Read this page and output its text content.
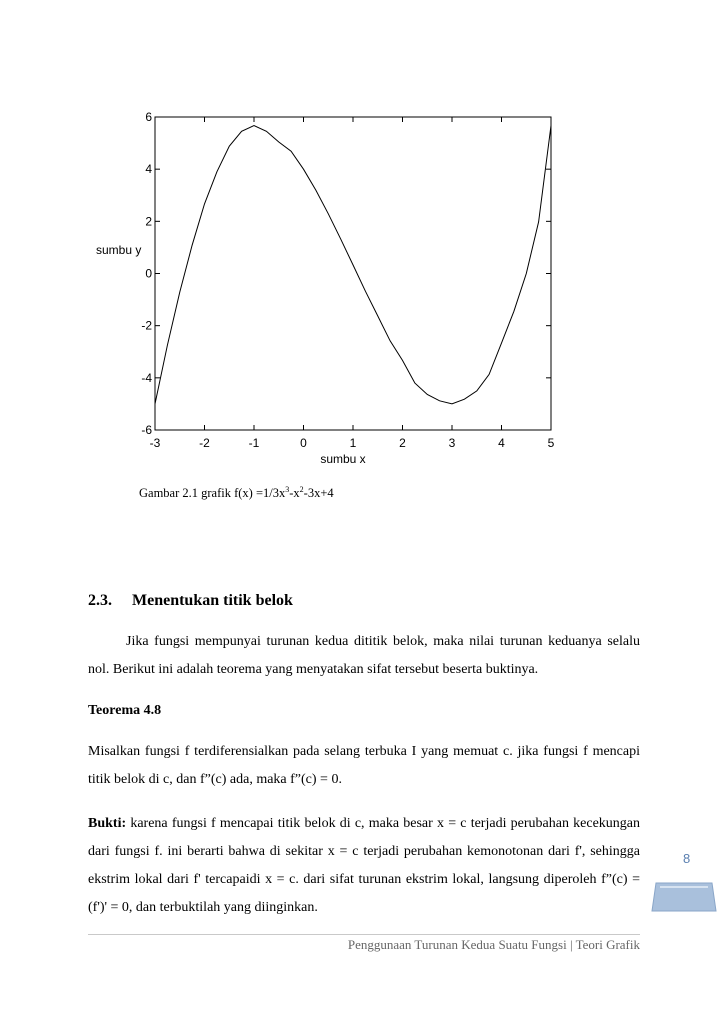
-3	-2	-1	0	1	2	3	4	5
-6
-4
-2
0
2
4
6
sumbu x
sumbu y
Gambar 2.1 grafik $f(x) =1/3x^3-x^2-3x+4$
2.3. Menentukan titik belok
Jika fungsi mempunyai turunan kedua dititik belok, maka nilai turunan keduanya selalu nol. Berikut ini adalah teorema yang menyatakan sifat tersebut beserta buktinya.
Teorema 4.8
Misalkan fungsi f terdiferensialkan pada selang terbuka I yang memuat c. jika fungsi f mencapi titik belok di c, dan f”(c) ada, maka f”(c) = 0.
Bukti: karena fungsi f mencapai titik belok di c, maka besar x = c terjadi perubahan kecekungan dari fungsi f. ini berarti bahwa di sekitar x = c terjadi perubahan kemonotonan dari f', sehingga ekstrim lokal dari f' tercapaidi x = c. dari sifat turunan ekstrim lokal, langsung diperoleh f”(c) = (f')' = 0, dan terbuktilah yang diinginkan.
Penggunaan Turunan Kedua Suatu Fungsi | Teori Grafik
8
